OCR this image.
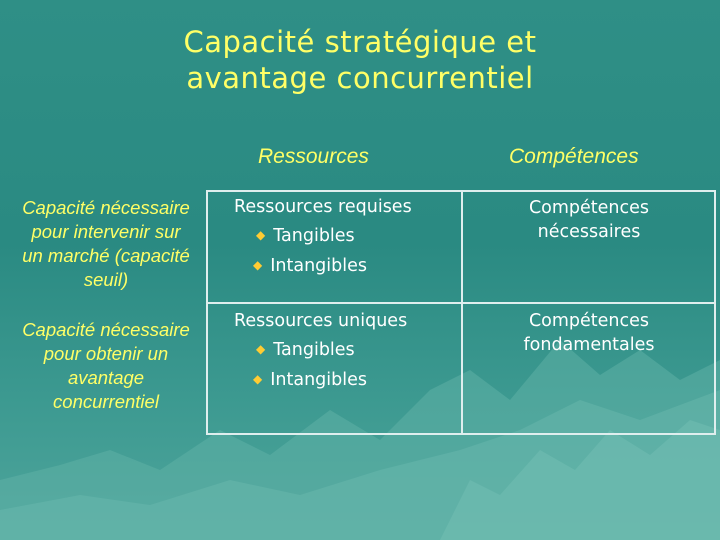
Capacité stratégique et
avantage concurrentiel
Ressources	Compétences
Capacité nécessaire
pour intervenir sur
un marché (capacité
seuil)
Capacité nécessaire
pour obtenir un
avantage
concurrentiel
Ressources requises
◆ Tangibles
◆ Intangibles
Ressources uniques
◆ Tangibles
◆ Intangibles
Compétences
nécessaires
Compétences
fondamentales
